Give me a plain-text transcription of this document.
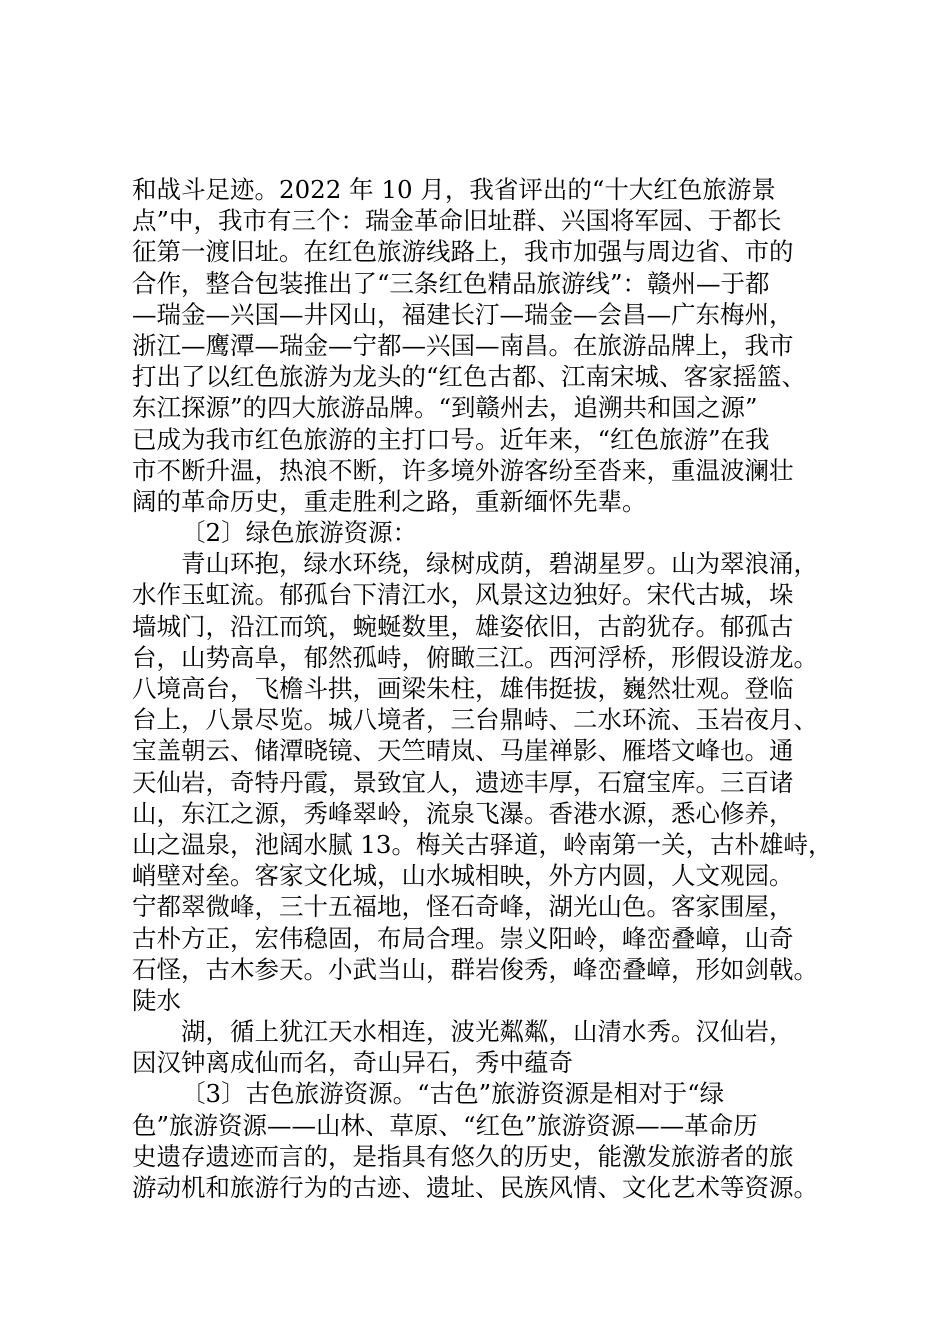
和战斗足迹。2022 年 10 月，我省评出的“十大红色旅游景
点”中，我市有三个：瑞金革命旧址群、兴国将军园、于都长
征第一渡旧址。在红色旅游线路上，我市加强与周边省、市的
合作，整合包装推出了“三条红色精品旅游线”：赣州—于都
—瑞金—兴国—井冈山，福建长汀—瑞金—会昌—广东梅州，
浙江—鹰潭—瑞金—宁都—兴国—南昌。在旅游品牌上，我市
打出了以红色旅游为龙头的“红色古都、江南宋城、客家摇篮、
东江探源”的四大旅游品牌。“到赣州去，追溯共和国之源”
已成为我市红色旅游的主打口号。近年来，“红色旅游”在我
市不断升温，热浪不断，许多境外游客纷至沓来，重温波澜壮
阔的革命历史，重走胜利之路，重新缅怀先辈。
〔2〕绿色旅游资源：
青山环抱，绿水环绕，绿树成荫，碧湖星罗。山为翠浪涌，
水作玉虹流。郁孤台下清江水，风景这边独好。宋代古城，垛
墙城门，沿江而筑，蜿蜒数里，雄姿依旧，古韵犹存。郁孤古
台，山势高阜，郁然孤峙，俯瞰三江。西河浮桥，形假设游龙。
八境高台，飞檐斗拱，画梁朱柱，雄伟挺拔，巍然壮观。登临
台上，八景尽览。城八境者，三台鼎峙、二水环流、玉岩夜月、
宝盖朝云、储潭晓镜、天竺晴岚、马崖禅影、雁塔文峰也。通
天仙岩，奇特丹霞，景致宜人，遗迹丰厚，石窟宝库。三百诸
山，东江之源，秀峰翠岭，流泉飞瀑。香港水源，悉心修养，
山之温泉，池阔水腻 13。梅关古驿道，岭南第一关，古朴雄峙，
峭壁对垒。客家文化城，山水城相映，外方内圆，人文观园。
宁都翠微峰，三十五福地，怪石奇峰，湖光山色。客家围屋，
古朴方正，宏伟稳固，布局合理。崇义阳岭，峰峦叠嶂，山奇
石怪，古木参天。小武当山，群岩俊秀，峰峦叠嶂，形如剑戟。
陡水
湖，循上犹江天水相连，波光粼粼，山清水秀。汉仙岩，
因汉钟离成仙而名，奇山异石，秀中蕴奇
〔3〕古色旅游资源。“古色”旅游资源是相对于“绿
色”旅游资源——山林、草原、“红色”旅游资源——革命历
史遗存遗迹而言的，是指具有悠久的历史，能激发旅游者的旅
游动机和旅游行为的古迹、遗址、民族风情、文化艺术等资源。
